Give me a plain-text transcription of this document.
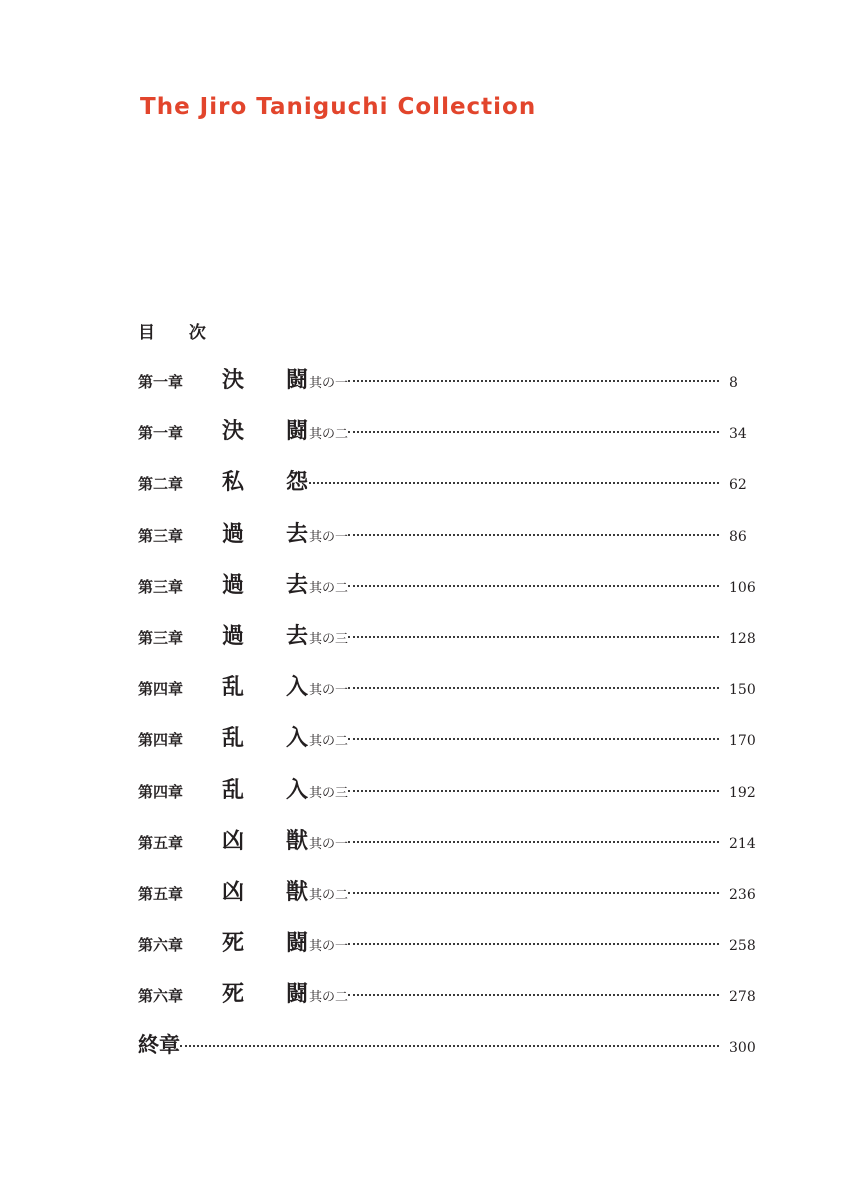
The Jiro Taniguchi Collection
目 次
第一章	決 闘 其の一	8
第一章	決 闘 其の二	34
第二章	私 怨	62
第三章	過 去 其の一	86
第三章	過 去 其の二	106
第三章	過 去 其の三	128
第四章	乱 入 其の一	150
第四章	乱 入 其の二	170
第四章	乱 入 其の三	192
第五章	凶 獣 其の一	214
第五章	凶 獣 其の二	236
第六章	死 闘 其の一	258
第六章	死 闘 其の二	278
終章	300
